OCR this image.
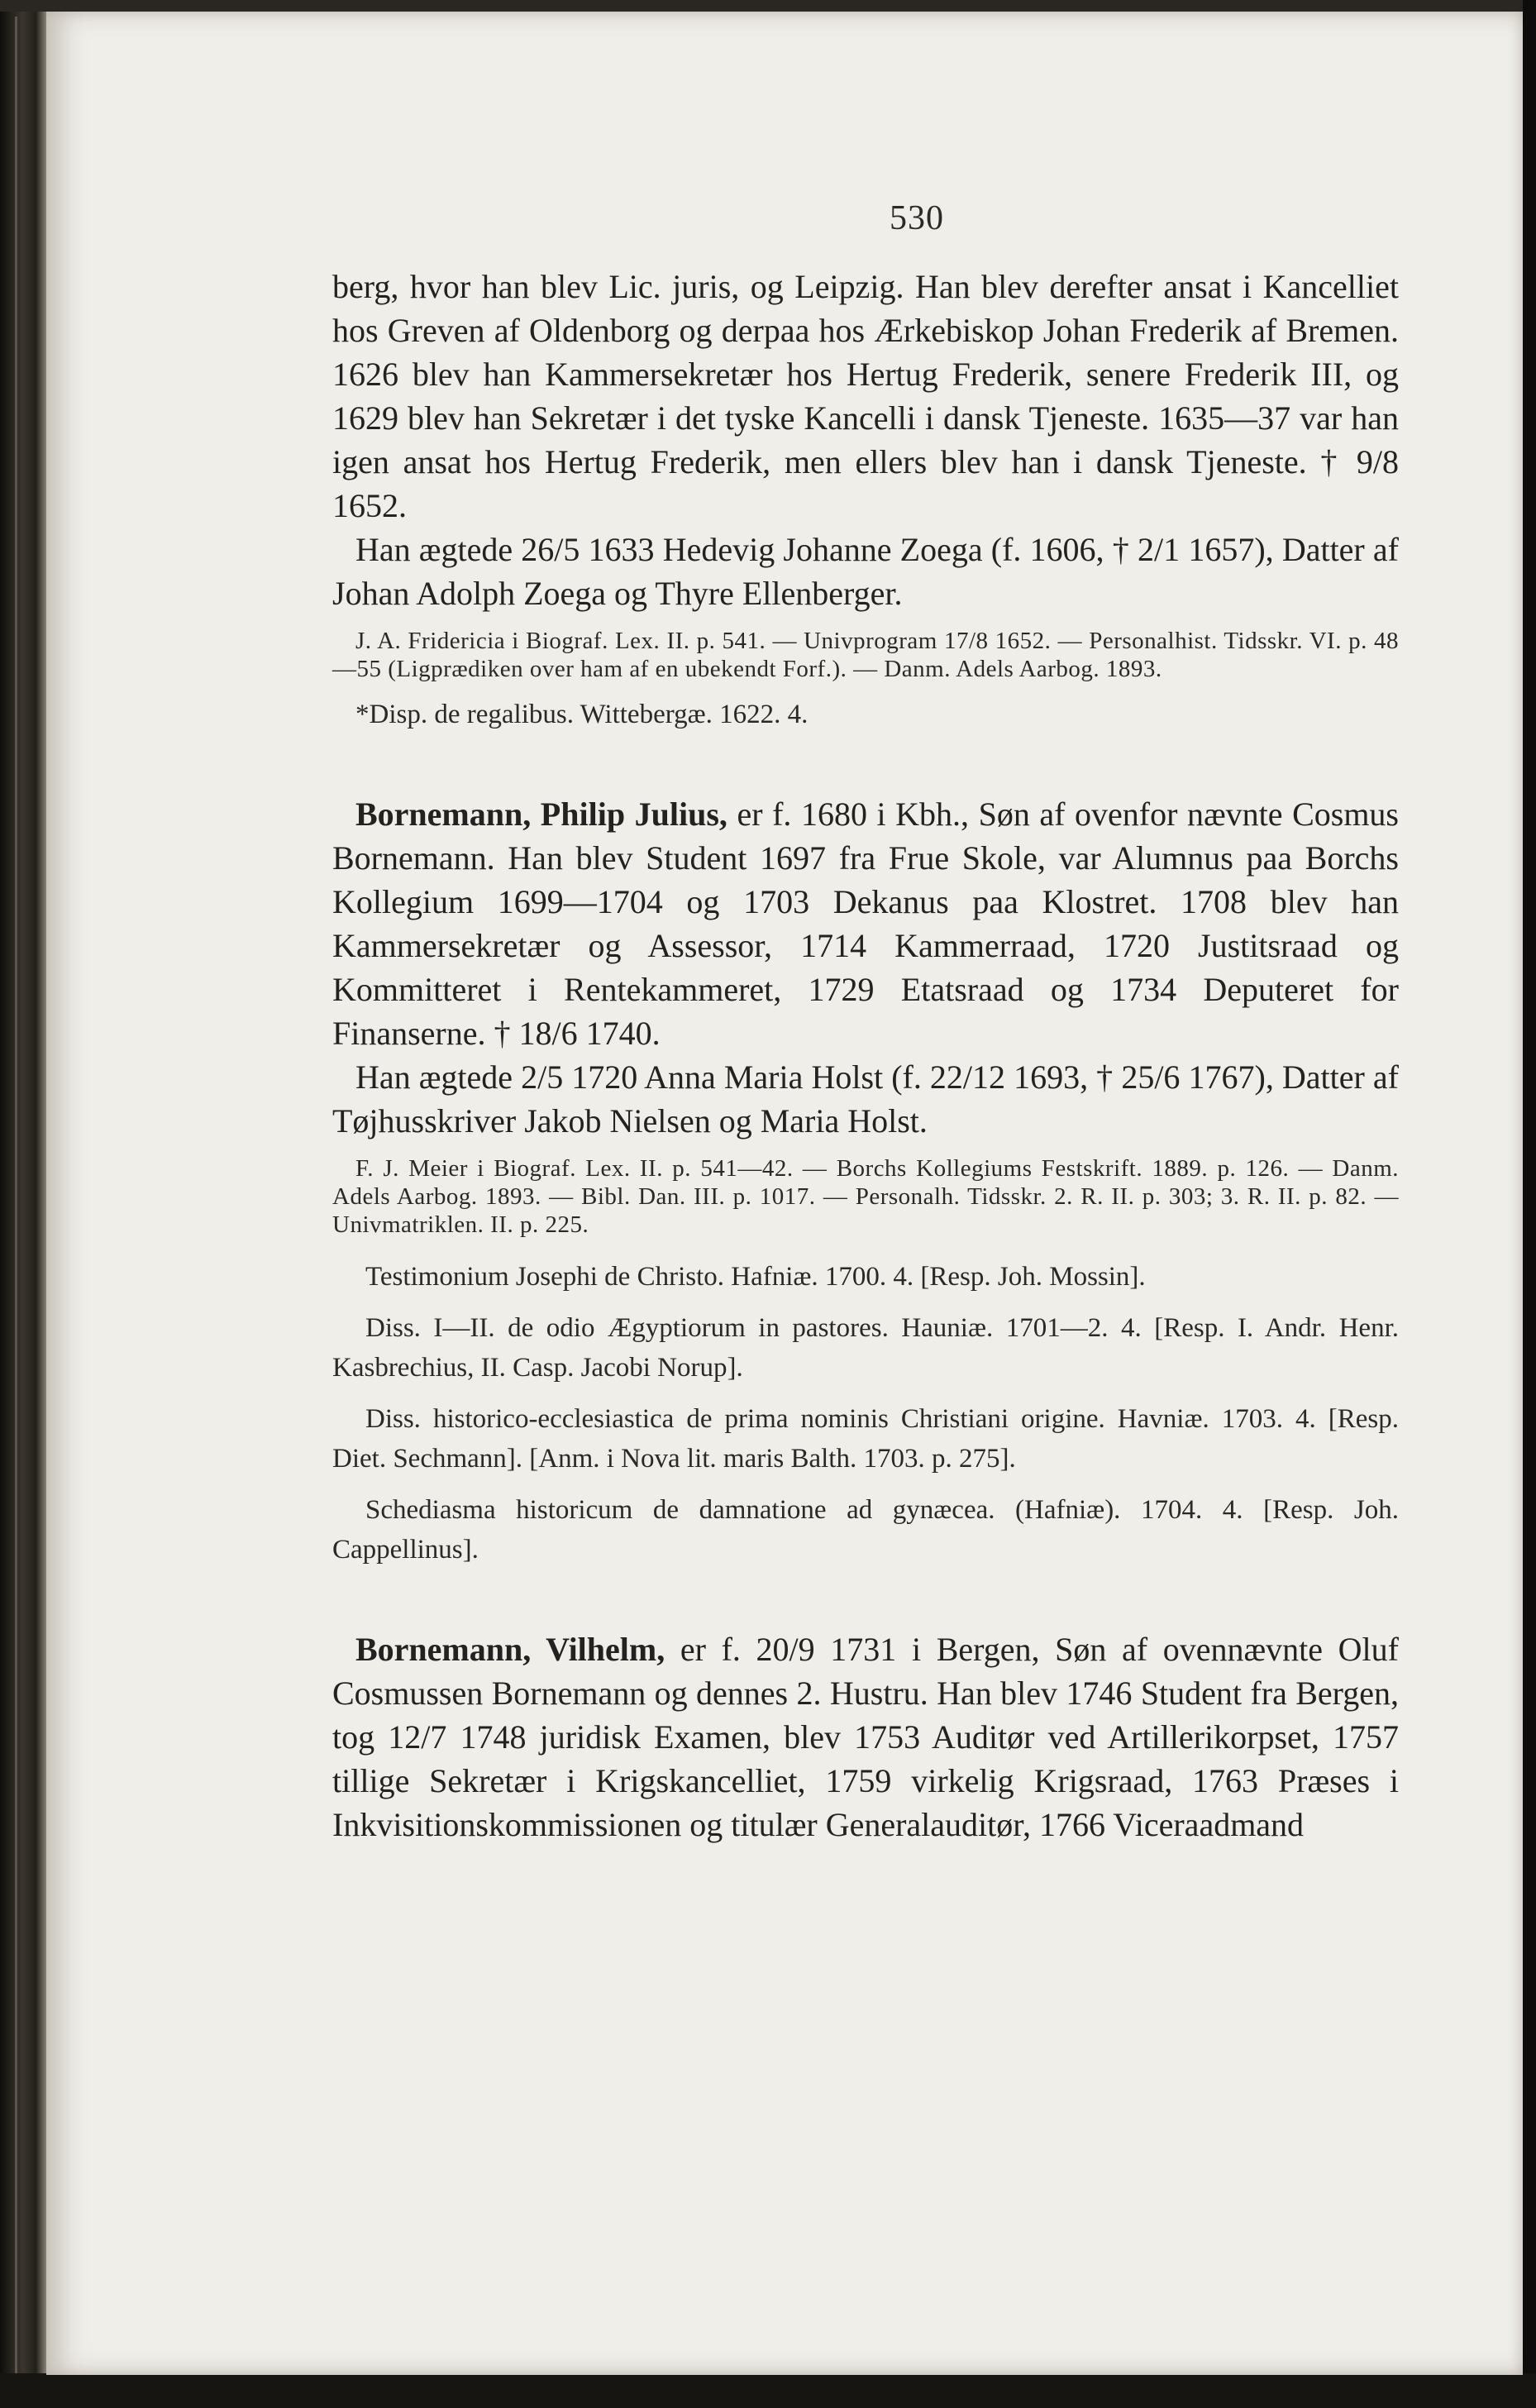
530

berg, hvor han blev Lic. juris, og Leipzig. Han blev derefter ansat i Kancelliet hos Greven af Oldenborg og derpaa hos Ærkebiskop Johan Frederik af Bremen. 1626 blev han Kammersekretær hos Hertug Frederik, senere Frederik III, og 1629 blev han Sekretær i det tyske Kancelli i dansk Tjeneste. 1635—37 var han igen ansat hos Hertug Frederik, men ellers blev han i dansk Tjeneste. † 9/8 1652.

Han ægtede 26/5 1633 Hedevig Johanne Zoega (f. 1606, † 2/1 1657), Datter af Johan Adolph Zoega og Thyre Ellenberger.

J. A. Fridericia i Biograf. Lex. II. p. 541. — Univprogram 17/8 1652. — Personalhist. Tidsskr. VI. p. 48—55 (Ligprædiken over ham af en ubekendt Forf.). — Danm. Adels Aarbog. 1893.

*Disp. de regalibus. Wittebergæ. 1622. 4.

Bornemann, Philip Julius, er f. 1680 i Kbh., Søn af ovenfor nævnte Cosmus Bornemann. Han blev Student 1697 fra Frue Skole, var Alumnus paa Borchs Kollegium 1699—1704 og 1703 Dekanus paa Klostret. 1708 blev han Kammersekretær og Assessor, 1714 Kammerraad, 1720 Justitsraad og Kommitteret i Rentekammeret, 1729 Etatsraad og 1734 Deputeret for Finanserne. † 18/6 1740.

Han ægtede 2/5 1720 Anna Maria Holst (f. 22/12 1693, † 25/6 1767), Datter af Tøjhusskriver Jakob Nielsen og Maria Holst.

F. J. Meier i Biograf. Lex. II. p. 541—42. — Borchs Kollegiums Festskrift. 1889. p. 126. — Danm. Adels Aarbog. 1893. — Bibl. Dan. III. p. 1017. — Personalh. Tidsskr. 2. R. II. p. 303; 3. R. II. p. 82. — Univmatriklen. II. p. 225.

Testimonium Josephi de Christo. Hafniæ. 1700. 4. [Resp. Joh. Mossin].

Diss. I—II. de odio Ægyptiorum in pastores. Hauniæ. 1701—2. 4. [Resp. I. Andr. Henr. Kasbrechius, II. Casp. Jacobi Norup].

Diss. historico-ecclesiastica de prima nominis Christiani origine. Havniæ. 1703. 4. [Resp. Diet. Sechmann]. [Anm. i Nova lit. maris Balth. 1703. p. 275].

Schediasma historicum de damnatione ad gynæcea. (Hafniæ). 1704. 4. [Resp. Joh. Cappellinus].

Bornemann, Vilhelm, er f. 20/9 1731 i Bergen, Søn af ovennævnte Oluf Cosmussen Bornemann og dennes 2. Hustru. Han blev 1746 Student fra Bergen, tog 12/7 1748 juridisk Examen, blev 1753 Auditør ved Artillerikorpset, 1757 tillige Sekretær i Krigskancelliet, 1759 virkelig Krigsraad, 1763 Præses i Inkvisitionskommissionen og titulær Generalauditør, 1766 Viceraadmand
